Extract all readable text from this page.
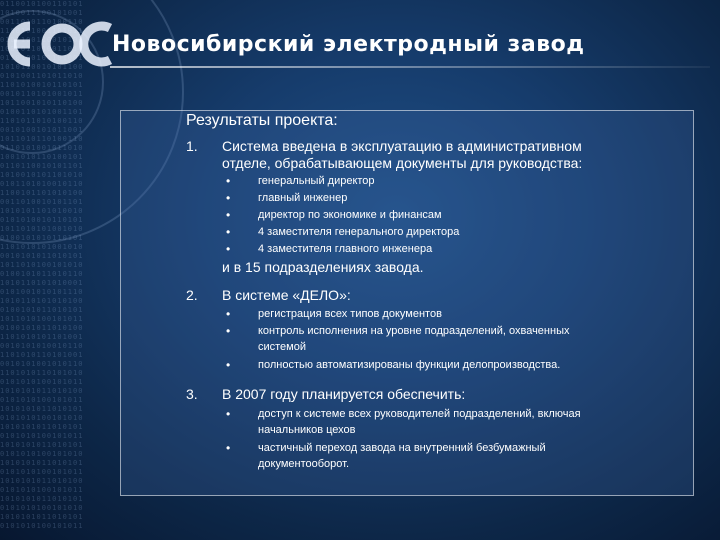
0110010100110101
1010011100101001
0011010110100110
1100101001101011
0101100110010101
1001011010011010
0110100101101001
1010110010101100
0101001101011010
1101010010110101
0010110101001011
1011001010110100
0100110101001101
1101011010100110
0010100101011001
1011010110100110
0110101001011010
1001010110100101
0110110010101101
1010010101101010
0101101010010110
1100101101010100
0011010010101101
1010101101010010
0101010010110101
1011010101001010
0100101010110101
1101010101001010
0010101011010101
1011010100101010
0100101011010110
1010110101010001
0101001010101110
1010110101010100
0100101011010101
1011010100101011
0100101011010100
1101010101101001
0010101010010110
1101010110101001
0010101001010110
1101010110101010
0101010100101011
1010101011010100
0101010100101011
1010101011010101
0101010100101010
1010101011010101
0101010100101011
1010101011010101
0101010100101010
1010101011010101
0101010100101011
1010101011010100
0101010100101011
1010101011010101
0101010100101010
1010101011010101
0101010100101011
Новосибирский электродный завод
Результаты проекта:
1. Система введена в эксплуатацию в административном
отделе, обрабатывающем документы для руководства:
•	генеральный директор
•	главный инженер
•	директор по экономике и финансам
•	4 заместителя генерального директора
•	4 заместителя главного инженера
и в 15 подразделениях завода.
2. В системе «ДЕЛО»:
•	регистрация всех типов документов
•	контроль исполнения на уровне подразделений, охваченных
системой
•	полностью автоматизированы функции делопроизводства.
3. В 2007 году планируется обеспечить:
•	доступ к системе всех руководителей подразделений, включая
начальников цехов
•	частичный переход завода на внутренний безбумажный
документооборот.
